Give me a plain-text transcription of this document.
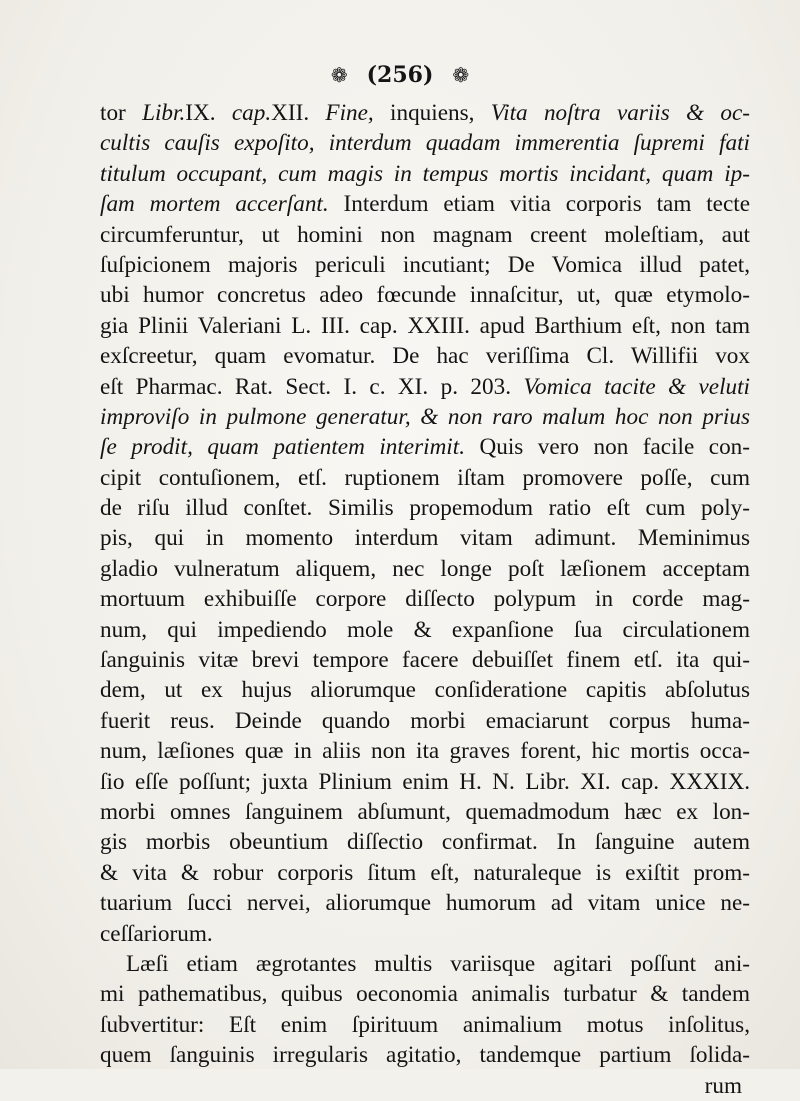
❁ (256) ❁
tor Libr.IX. cap.XII. Fine, inquiens, Vita noſtra variis & oc-
cultis cauſis expoſito, interdum quadam immerentia ſupremi fati
titulum occupant, cum magis in tempus mortis incidant, quam ip-
ſam mortem accerſant. Interdum etiam vitia corporis tam tecte
circumferuntur, ut homini non magnam creent moleſtiam, aut
ſuſpicionem majoris periculi incutiant; De Vomica illud patet,
ubi humor concretus adeo fœcunde innaſcitur, ut, quæ etymolo-
gia Plinii Valeriani L. III. cap. XXIII. apud Barthium eſt, non tam
exſcreetur, quam evomatur. De hac veriſſima Cl. Willifii vox
eſt Pharmac. Rat. Sect. I. c. XI. p. 203. Vomica tacite & veluti
improviſo in pulmone generatur, & non raro malum hoc non prius
ſe prodit, quam patientem interimit. Quis vero non facile con-
cipit contuſionem, etſ. ruptionem iſtam promovere poſſe, cum
de riſu illud conſtet. Similis propemodum ratio eſt cum poly-
pis, qui in momento interdum vitam adimunt. Meminimus
gladio vulneratum aliquem, nec longe poſt læſionem acceptam
mortuum exhibuiſſe corpore diſſecto polypum in corde mag-
num, qui impediendo mole & expanſione ſua circulationem
ſanguinis vitæ brevi tempore facere debuiſſet finem etſ. ita qui-
dem, ut ex hujus aliorumque conſideratione capitis abſolutus
fuerit reus. Deinde quando morbi emaciarunt corpus huma-
num, læſiones quæ in aliis non ita graves forent, hic mortis occa-
ſio eſſe poſſunt; juxta Plinium enim H. N. Libr. XI. cap. XXXIX.
morbi omnes ſanguinem abſumunt, quemadmodum hæc ex lon-
gis morbis obeuntium diſſectio confirmat. In ſanguine autem
& vita & robur corporis ſitum eſt, naturaleque is exiſtit prom-
tuarium ſucci nervei, aliorumque humorum ad vitam unice ne-
ceſſariorum.
Læſi etiam ægrotantes multis variisque agitari poſſunt ani-
mi pathematibus, quibus oeconomia animalis turbatur & tandem
ſubvertitur: Eſt enim ſpirituum animalium motus inſolitus,
quem ſanguinis irregularis agitatio, tandemque partium ſolida-
rum
